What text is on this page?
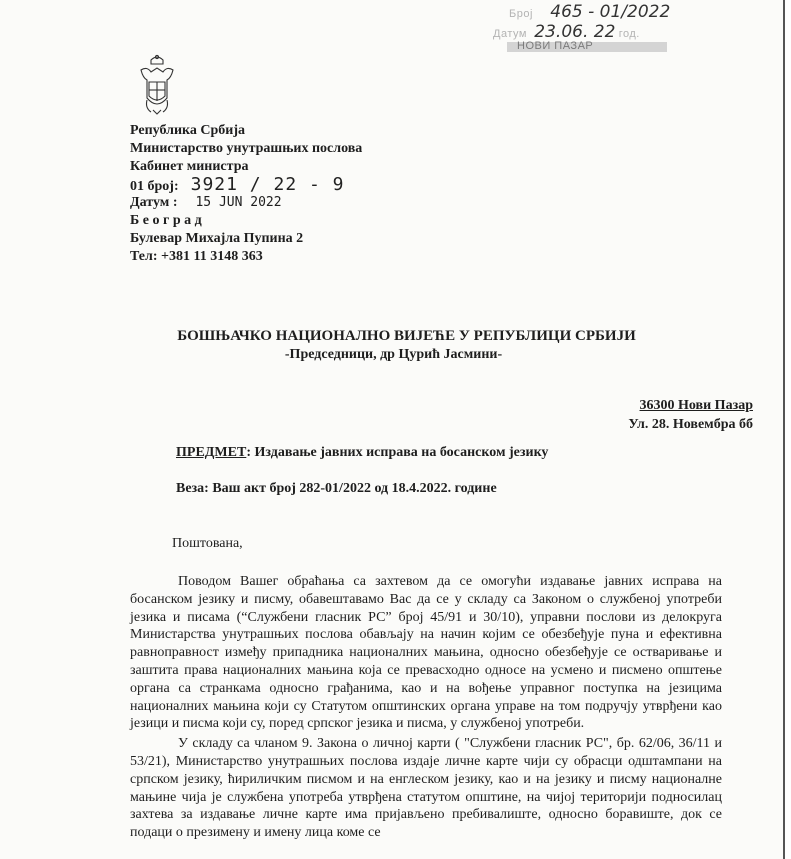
Број 465 - 01/2022
Датум 23.06. 22 год.
НОВИ ПАЗАР
Република Србија
Министарство унутрашњих послова
Кабинет министра
01 број: 3921 / 22 - 9
Датум : 15 JUN 2022
Б е о г р а д
Булевар Михајла Пупина 2
Тел: +381 11 3148 363
БОШЊАЧКО НАЦИОНАЛНО ВИЈЕЋЕ У РЕПУБЛИЦИ СРБИЈИ
-Председници, др Цурић Јасмини-
36300 Нови Пазар
Ул. 28. Новембра бб
ПРЕДМЕТ: Издавање јавних исправа на босанском језику
Веза: Ваш акт број 282-01/2022 од 18.4.2022. године
Поштована,

Поводом Вашег обраћања са захтевом да се омогући издавање јавних исправа на босанском језику и писму, обавештавамо Вас да се у складу са Законом о службеној употреби језика и писама (“Службени гласник РС” број 45/91 и 30/10), управни послови из делокруга Министарства унутрашњих послова обављају на начин којим се обезбеђује пуна и ефективна равноправност између припадника националних мањина, односно обезбеђује се остваривање и заштита права националних мањина која се превасходно односе на усмено и писмено општење органа са странкама односно грађанима, као и на вођење управног поступка на језицима националних мањина који су Статутом општинских органа управе на том подручју утврђени као језици и писма који су, поред српског језика и писма, у службеној употреби.

У складу са чланом 9. Закона о личној карти ( "Службени гласник РС", бр. 62/06, 36/11 и 53/21), Министарство унутрашњих послова издаје личне карте чији су обрасци одштампани на српском језику, ћириличким писмом и на енглеском језику, као и на језику и писму националне мањине чија је службена употреба утврђена статутом општине, на чијој територији подносилац захтева за издавање личне карте има пријављено пребивалиште, односно боравиште, док се подаци о презимену и имену лица коме се
